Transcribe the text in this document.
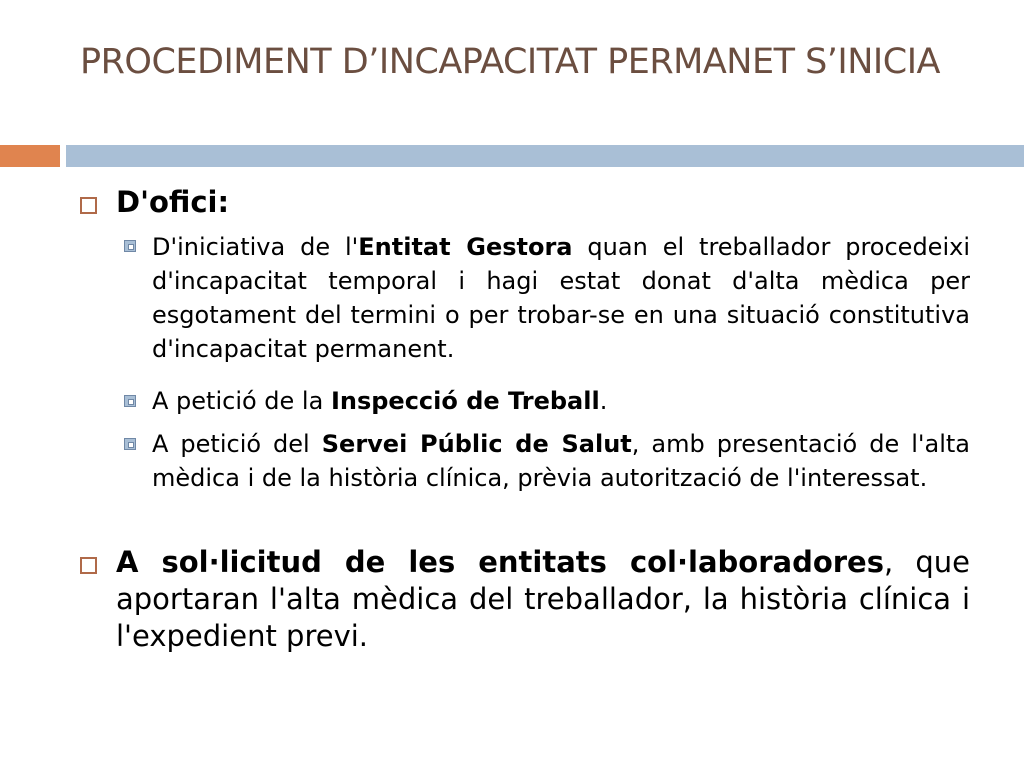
PROCEDIMENT D’INCAPACITAT PERMANET S’INICIA
D'ofici:
D'iniciativa de l'Entitat Gestora quan el treballador procedeixi d'incapacitat temporal i hagi estat donat d'alta mèdica per esgotament del termini o per trobar-se en una situació constitutiva d'incapacitat permanent.
A petició de la Inspecció de Treball.
A petició del Servei Públic de Salut, amb presentació de l'alta mèdica i de la història clínica, prèvia autorització de l'interessat.
A sol·licitud de les entitats col·laboradores, que aportaran l'alta mèdica del treballador, la història clínica i l'expedient previ.
